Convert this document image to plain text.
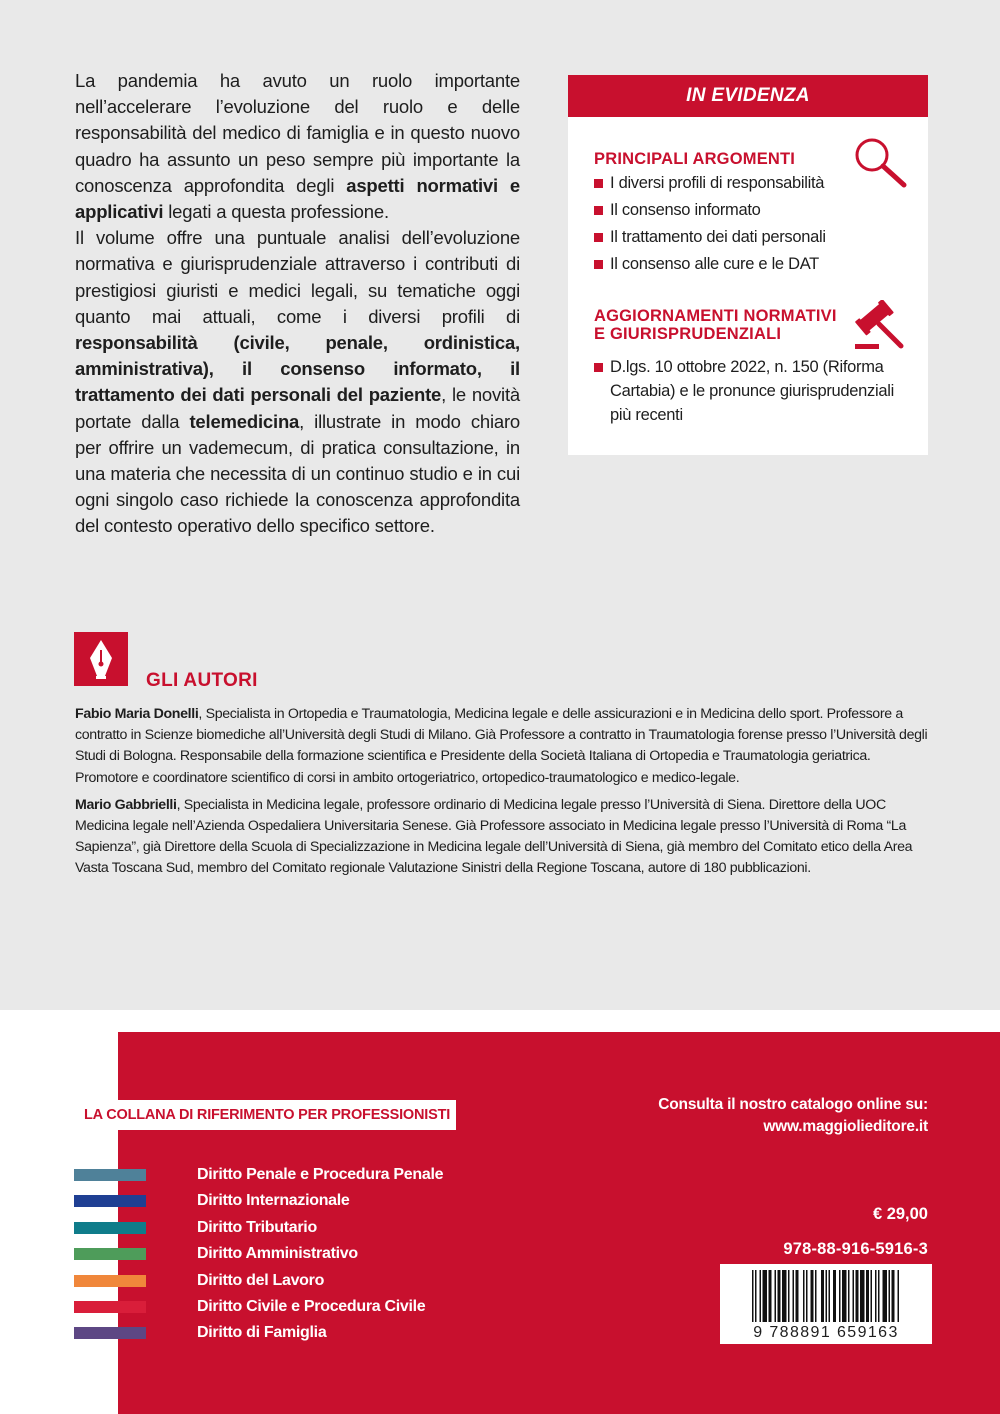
La pandemia ha avuto un ruolo importante nell’accelerare l’evoluzione del ruolo e delle responsabilità del medico di famiglia e in questo nuovo quadro ha assunto un peso sempre più importante la conoscenza approfondita degli aspetti normativi e applicativi legati a questa professione.

Il volume offre una puntuale analisi dell’evoluzione normativa e giurisprudenziale attraverso i contributi di prestigiosi giuristi e medici legali, su tematiche oggi quanto mai attuali, come i diversi profili di responsabilità (civile, penale, ordinistica, amministrativa), il consenso informato, il trattamento dei dati personali del paziente, le novità portate dalla telemedicina, illustrate in modo chiaro per offrire un vademecum, di pratica consultazione, in una materia che necessita di un continuo studio e in cui ogni singolo caso richiede la conoscenza approfondita del contesto operativo dello specifico settore.

IN EVIDENZA
PRINCIPALI ARGOMENTI
I diversi profili di responsabilità
Il consenso informato
Il trattamento dei dati personali
Il consenso alle cure e le DAT
AGGIORNAMENTI NORMATIVI
E GIURISPRUDENZIALI
D.lgs. 10 ottobre 2022, n. 150 (Riforma Cartabia) e le pronunce giurisprudenziali più recenti
GLI AUTORI

Fabio Maria Donelli, Specialista in Ortopedia e Traumatologia, Medicina legale e delle assicurazioni e in Medicina dello sport. Professore a contratto in Scienze biomediche all’Università degli Studi di Milano. Già Professore a contratto in Traumatologia forense presso l’Università degli Studi di Bologna. Responsabile della formazione scientifica e Presidente della Società Italiana di Ortopedia e Traumatologia geriatrica. Promotore e coordinatore scientifico di corsi in ambito ortogeriatrico, ortopedico-traumatologico e medico-legale.

Mario Gabbrielli, Specialista in Medicina legale, professore ordinario di Medicina legale presso l’Università di Siena. Direttore della UOC Medicina legale nell’Azienda Ospedaliera Universitaria Senese. Già Professore associato in Medicina legale presso l’Università di Roma “La Sapienza”, già Direttore della Scuola di Specializzazione in Medicina legale dell’Università di Siena, già membro del Comitato etico della Area Vasta Toscana Sud, membro del Comitato regionale Valutazione Sinistri della Regione Toscana, autore di 180 pubblicazioni.

LA COLLANA DI RIFERIMENTO PER PROFESSIONISTI
Diritto Penale e Procedura Penale
Diritto Internazionale
Diritto Tributario
Diritto Amministrativo
Diritto del Lavoro
Diritto Civile e Procedura Civile
Diritto di Famiglia
Consulta il nostro catalogo online su:
www.maggiolieditore.it
€ 29,00
978-88-916-5916-3
9 788891 659163
